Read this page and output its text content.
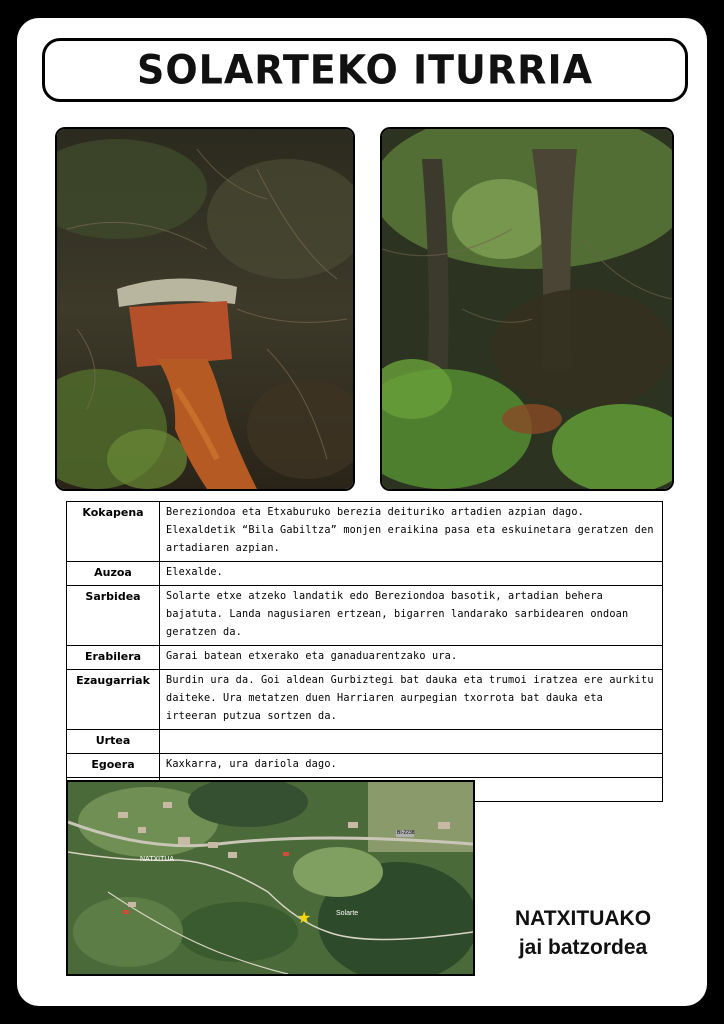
SOLARTEKO ITURRIA
Kokapena	Bereziondoa eta Etxaburuko berezia deituriko artadien azpian dago. Elexaldetik “Bila Gabiltza” monjen eraikina pasa eta eskuinetara geratzen den artadiaren azpian.
Auzoa	Elexalde.
Sarbidea	Solarte etxe atzeko landatik edo Bereziondoa basotik, artadian behera bajatuta. Landa nagusiaren ertzean, bigarren landarako sarbidearen ondoan geratzen da.
Erabilera	Garai batean etxerako eta ganaduarentzako ura.
Ezaugarriak	Burdin ura da. Goi aldean Gurbiztegi bat dauka eta trumoi iratzea ere aurkitu daiteke. Ura metatzen duen Harriaren aurpegian txorrota bat dauka eta irteeran putzua sortzen da.
Urtea	
Egoera	Kaxkarra, ura dariola dago.

NATXITUA
Solarte
BI-2238
★	NATXITUAKO
jai batzordea
